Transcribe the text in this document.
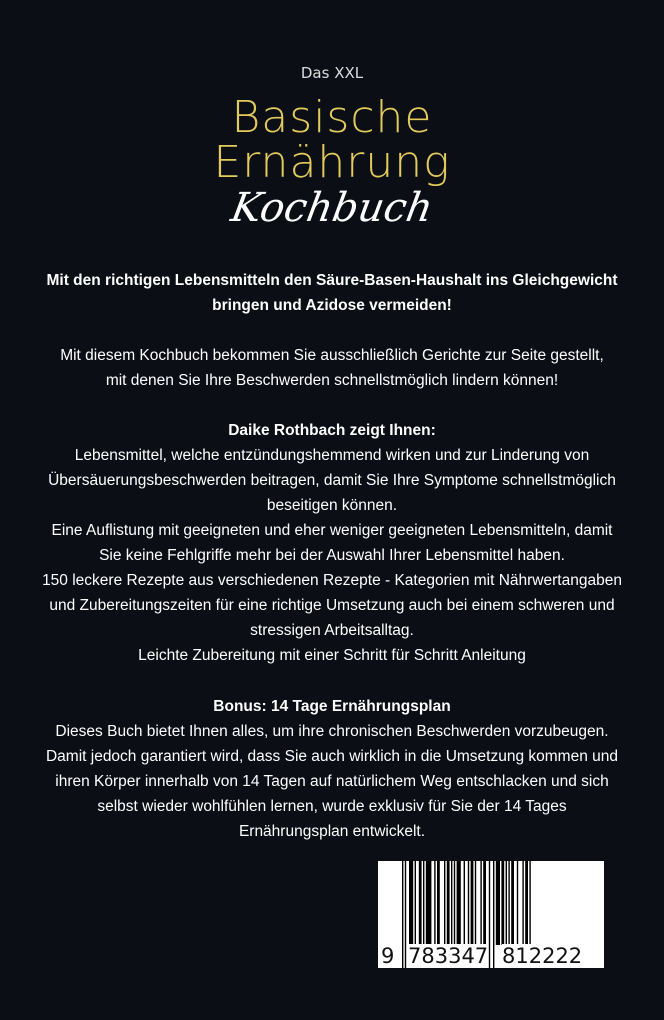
Das XXL
Basische
Ernährung
Kochbuch
Mit den richtigen Lebensmitteln den Säure-Basen-Haushalt ins Gleichgewicht
bringen und Azidose vermeiden!
Mit diesem Kochbuch bekommen Sie ausschließlich Gerichte zur Seite gestellt,
mit denen Sie Ihre Beschwerden schnellstmöglich lindern können!
Daike Rothbach zeigt Ihnen:
Lebensmittel, welche entzündungshemmend wirken und zur Linderung von
Übersäuerungsbeschwerden beitragen, damit Sie Ihre Symptome schnellstmöglich
beseitigen können.
Eine Auflistung mit geeigneten und eher weniger geeigneten Lebensmitteln, damit
Sie keine Fehlgriffe mehr bei der Auswahl Ihrer Lebensmittel haben.
150 leckere Rezepte aus verschiedenen Rezepte - Kategorien mit Nährwertangaben
und Zubereitungszeiten für eine richtige Umsetzung auch bei einem schweren und
stressigen Arbeitsalltag.
Leichte Zubereitung mit einer Schritt für Schritt Anleitung
Bonus: 14 Tage Ernährungsplan
Dieses Buch bietet Ihnen alles, um ihre chronischen Beschwerden vorzubeugen.
Damit jedoch garantiert wird, dass Sie auch wirklich in die Umsetzung kommen und
ihren Körper innerhalb von 14 Tagen auf natürlichem Weg entschlacken und sich
selbst wieder wohlfühlen lernen, wurde exklusiv für Sie der 14 Tages
Ernährungsplan entwickelt.
9 783347 812222
